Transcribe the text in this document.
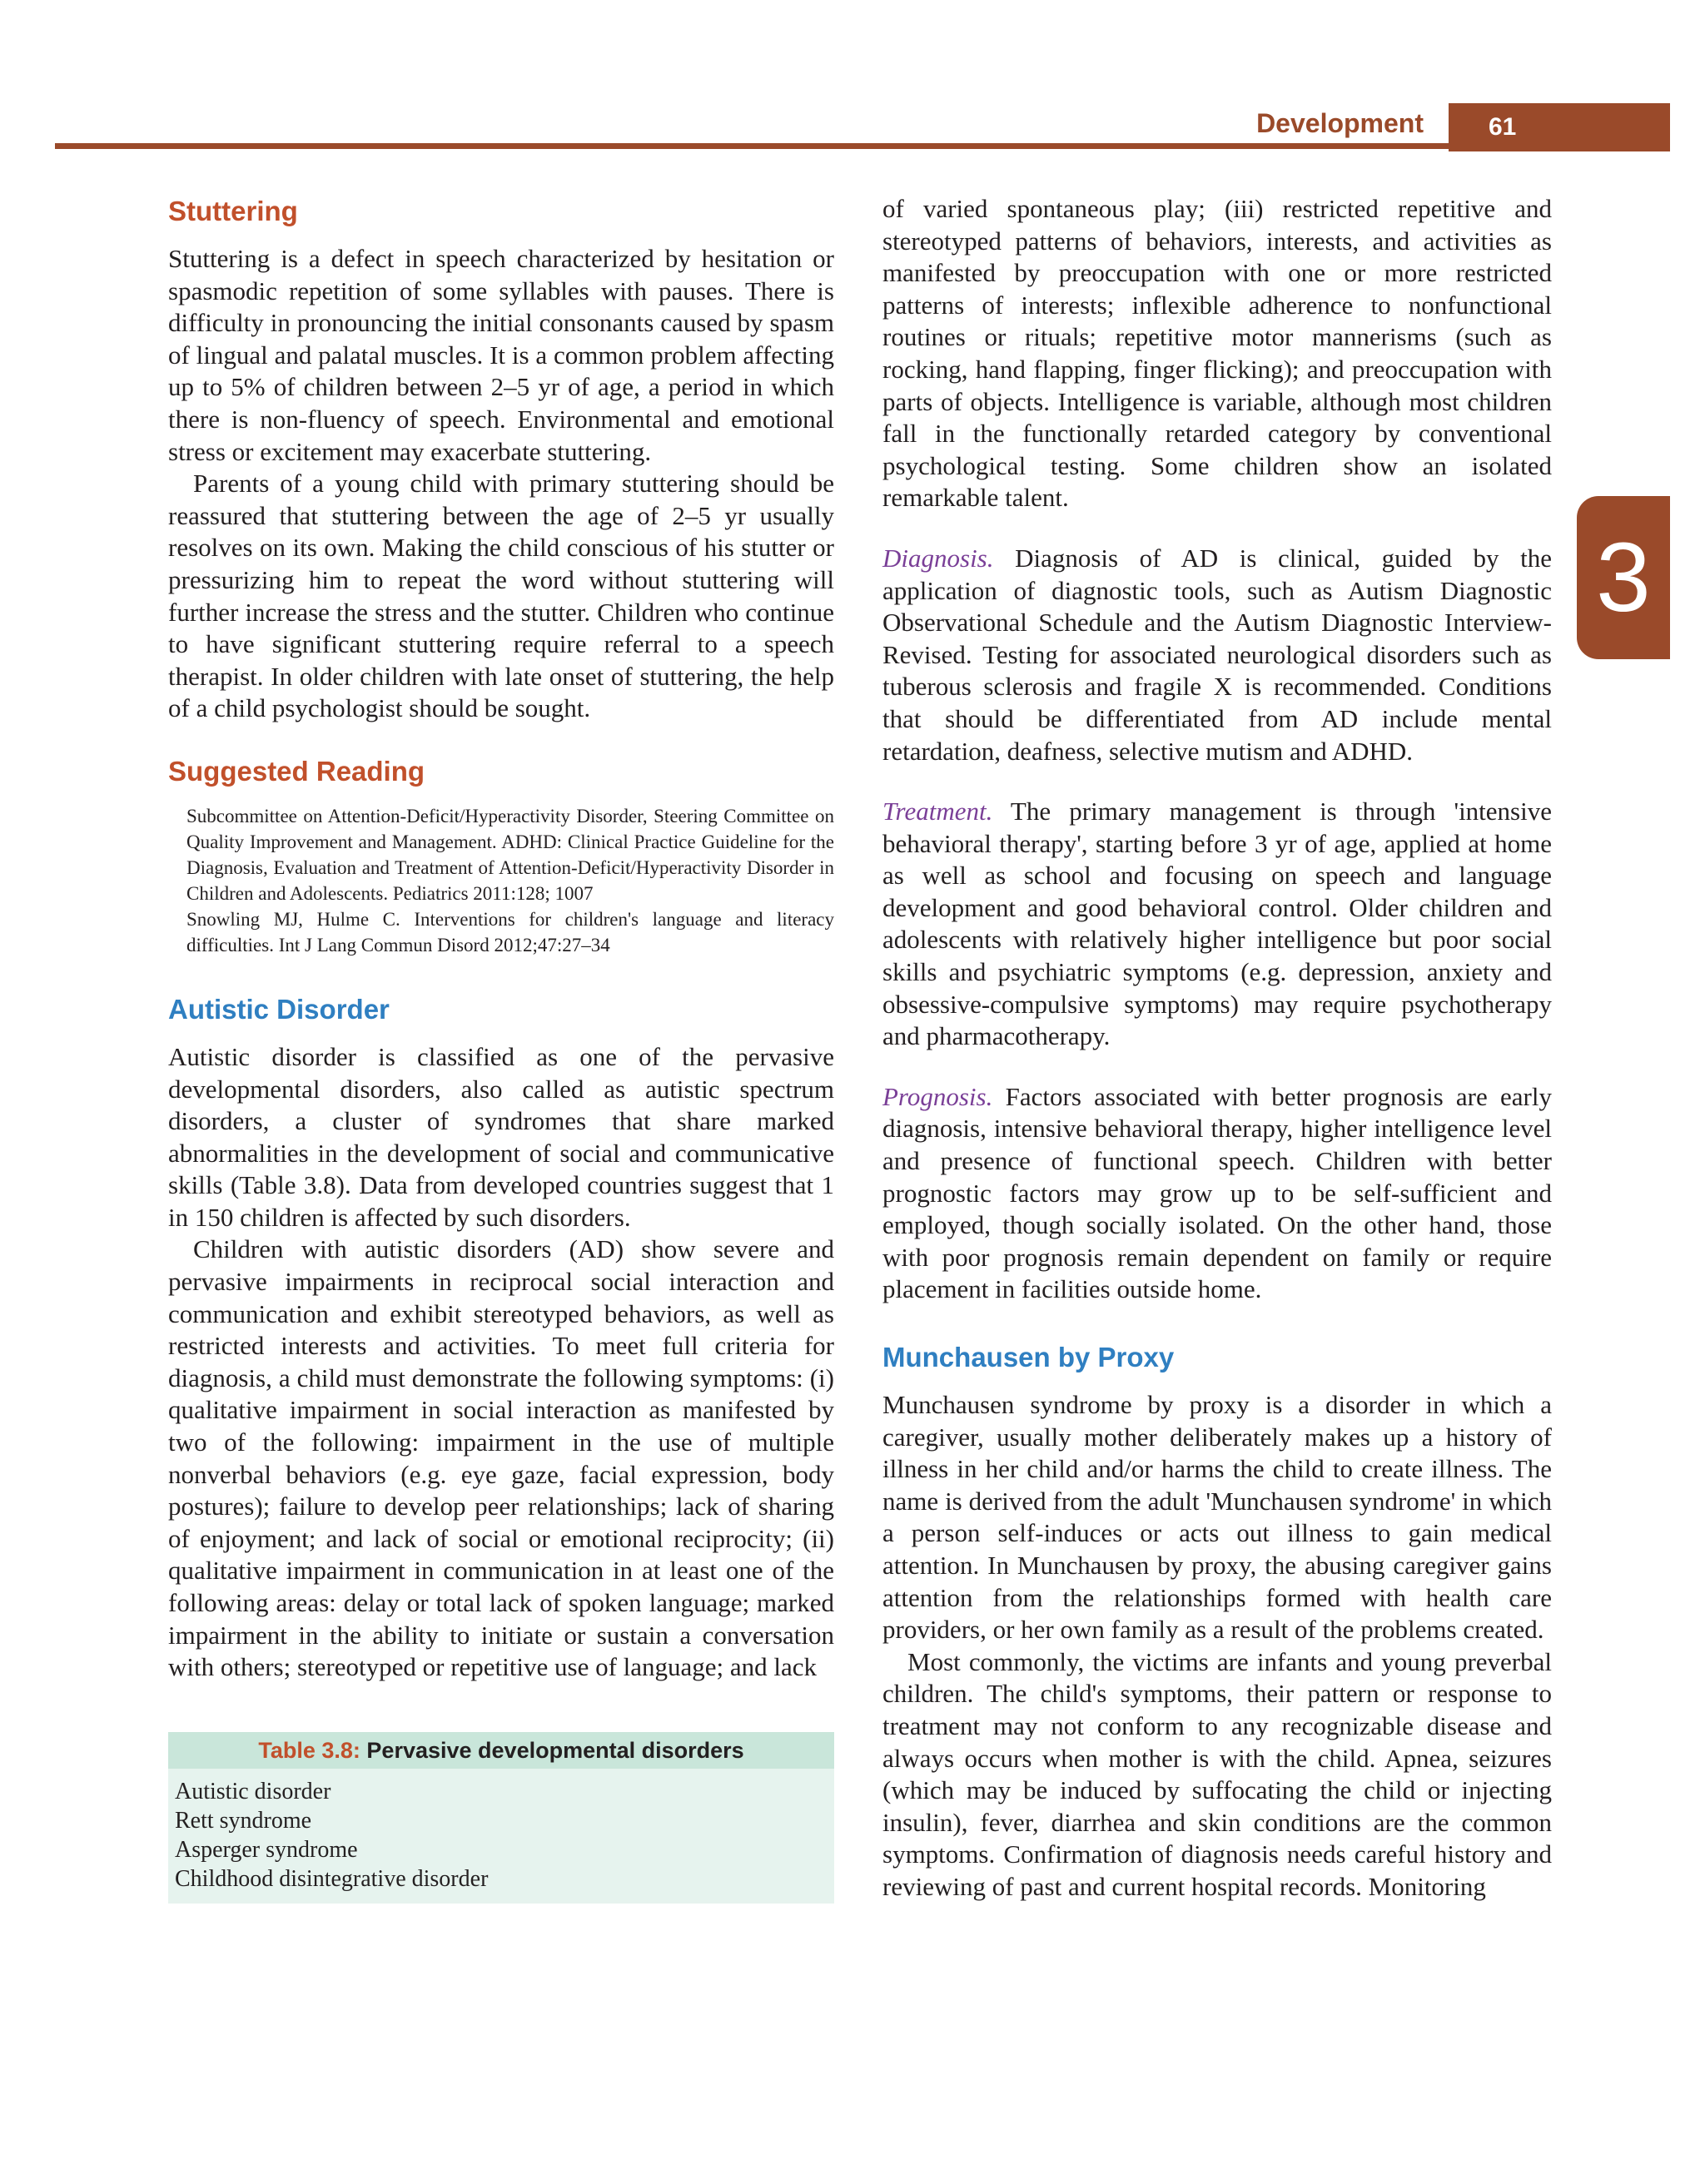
Development	61
3
Stuttering

Stuttering is a defect in speech characterized by hesitation or spasmodic repetition of some syllables with pauses. There is difficulty in pronouncing the initial consonants caused by spasm of lingual and palatal muscles. It is a common problem affecting up to 5% of children between 2–5 yr of age, a period in which there is non-fluency of speech. Environmental and emotional stress or excitement may exacerbate stuttering.

Parents of a young child with primary stuttering should be reassured that stuttering between the age of 2–5 yr usually resolves on its own. Making the child conscious of his stutter or pressurizing him to repeat the word without stuttering will further increase the stress and the stutter. Children who continue to have significant stuttering require referral to a speech therapist. In older children with late onset of stuttering, the help of a child psychologist should be sought.

Suggested Reading

Subcommittee on Attention-Deficit/Hyperactivity Disorder, Steering Committee on Quality Improvement and Management. ADHD: Clinical Practice Guideline for the Diagnosis, Evaluation and Treatment of Attention-Deficit/Hyperactivity Disorder in Children and Adolescents. Pediatrics 2011:128; 1007

Snowling MJ, Hulme C. Interventions for children's language and literacy difficulties. Int J Lang Commun Disord 2012;47:27–34

Autistic Disorder

Autistic disorder is classified as one of the pervasive developmental disorders, also called as autistic spectrum disorders, a cluster of syndromes that share marked abnormalities in the development of social and communicative skills (Table 3.8). Data from developed countries suggest that 1 in 150 children is affected by such disorders.

Children with autistic disorders (AD) show severe and pervasive impairments in reciprocal social interaction and communication and exhibit stereotyped behaviors, as well as restricted interests and activities. To meet full criteria for diagnosis, a child must demonstrate the following symptoms: (i) qualitative impairment in social interaction as manifested by two of the following: impairment in the use of multiple nonverbal behaviors (e.g. eye gaze, facial expression, body postures); failure to develop peer relationships; lack of sharing of enjoyment; and lack of social or emotional reciprocity; (ii) qualitative impairment in communication in at least one of the following areas: delay or total lack of spoken language; marked impairment in the ability to initiate or sustain a conversation with others; stereotyped or repetitive use of language; and lack

Table 3.8: Pervasive developmental disorders
Autistic disorder
Rett syndrome
Asperger syndrome
Childhood disintegrative disorder

of varied spontaneous play; (iii) restricted repetitive and stereotyped patterns of behaviors, interests, and activities as manifested by preoccupation with one or more restricted patterns of interests; inflexible adherence to nonfunctional routines or rituals; repetitive motor mannerisms (such as rocking, hand flapping, finger flicking); and preoccupation with parts of objects. Intelligence is variable, although most children fall in the functionally retarded category by conventional psychological testing. Some children show an isolated remarkable talent.

Diagnosis. Diagnosis of AD is clinical, guided by the application of diagnostic tools, such as Autism Diagnostic Observational Schedule and the Autism Diagnostic Interview-Revised. Testing for associated neurological disorders such as tuberous sclerosis and fragile X is recommended. Conditions that should be differentiated from AD include mental retardation, deafness, selective mutism and ADHD.

Treatment. The primary management is through 'intensive behavioral therapy', starting before 3 yr of age, applied at home as well as school and focusing on speech and language development and good behavioral control. Older children and adolescents with relatively higher intelligence but poor social skills and psychiatric symptoms (e.g. depression, anxiety and obsessive-compulsive symptoms) may require psychotherapy and pharmacotherapy.

Prognosis. Factors associated with better prognosis are early diagnosis, intensive behavioral therapy, higher intelligence level and presence of functional speech. Children with better prognostic factors may grow up to be self-sufficient and employed, though socially isolated. On the other hand, those with poor prognosis remain dependent on family or require placement in facilities outside home.

Munchausen by Proxy

Munchausen syndrome by proxy is a disorder in which a caregiver, usually mother deliberately makes up a history of illness in her child and/or harms the child to create illness. The name is derived from the adult 'Munchausen syndrome' in which a person self-induces or acts out illness to gain medical attention. In Munchausen by proxy, the abusing caregiver gains attention from the relationships formed with health care providers, or her own family as a result of the problems created.

Most commonly, the victims are infants and young preverbal children. The child's symptoms, their pattern or response to treatment may not conform to any recognizable disease and always occurs when mother is with the child. Apnea, seizures (which may be induced by suffocating the child or injecting insulin), fever, diarrhea and skin conditions are the common symptoms. Confirmation of diagnosis needs careful history and reviewing of past and current hospital records. Monitoring
